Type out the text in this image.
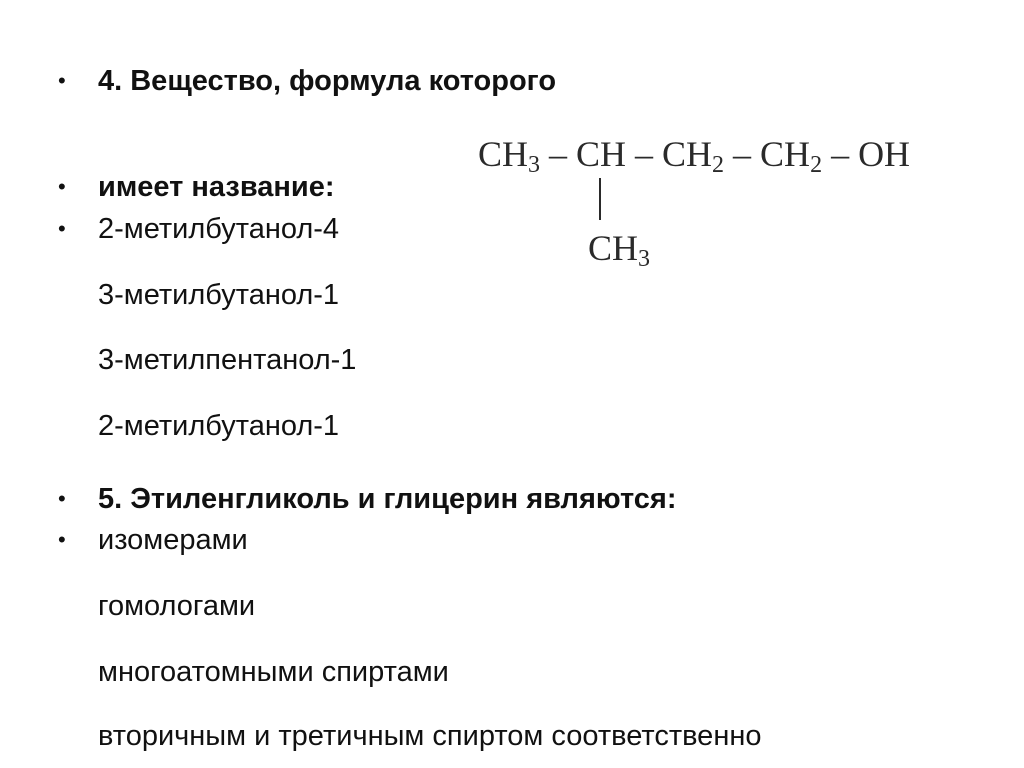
• 4. Вещество, формула которого
• имеет название:
• 2-метилбутанол-4
3-метилбутанол-1
3-метилпентанол-1
2-метилбутанол-1
$CH_3$ – CH – $CH_2 - CH_2$ – OH
$CH_3$
• 5. Этиленгликоль и глицерин являются:
• изомерами
гомологами
многоатомными спиртами
вторичным и третичным спиртом соответственно
